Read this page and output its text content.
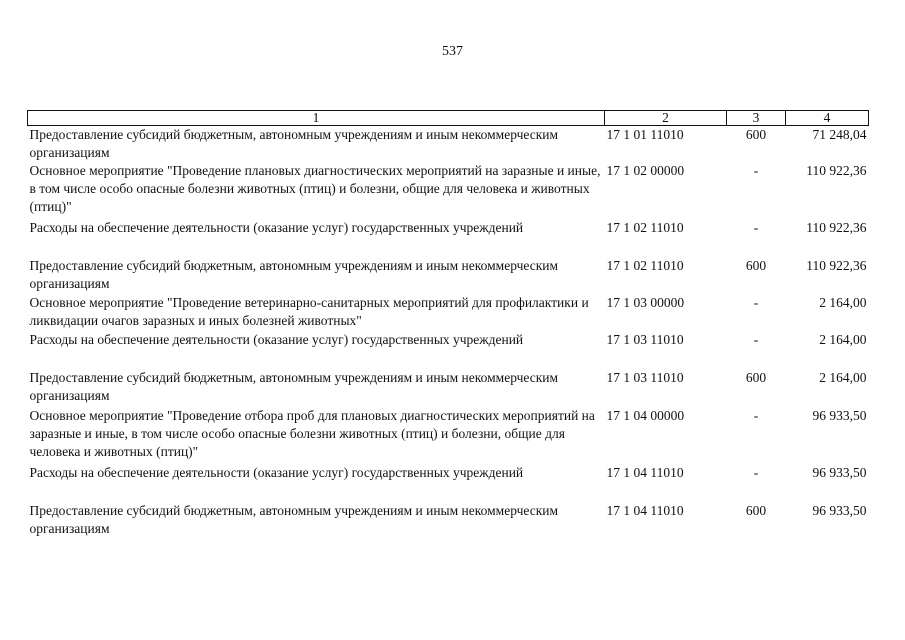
537
1	2	3	4
Предоставление субсидий бюджетным, автономным учреждениям и иным некоммерческим организациям	17 1 01 11010	600	71 248,04
Основное мероприятие "Проведение плановых диагностических мероприятий на заразные и иные, в том числе особо опасные болезни животных (птиц) и болезни, общие для человека и животных (птиц)"	17 1 02 00000	-	110 922,36
Расходы на обеспечение деятельности (оказание услуг) государственных учреждений	17 1 02 11010	-	110 922,36
Предоставление субсидий бюджетным, автономным учреждениям и иным некоммерческим организациям	17 1 02 11010	600	110 922,36
Основное мероприятие "Проведение ветеринарно-санитарных мероприятий для профилактики и ликвидации очагов заразных и иных болезней животных"	17 1 03 00000	-	2 164,00
Расходы на обеспечение деятельности (оказание услуг) государственных учреждений	17 1 03 11010	-	2 164,00
Предоставление субсидий бюджетным, автономным учреждениям и иным некоммерческим организациям	17 1 03 11010	600	2 164,00
Основное мероприятие "Проведение отбора проб для плановых диагностических мероприятий на заразные и иные, в том числе особо опасные болезни животных (птиц) и болезни, общие для человека и животных (птиц)"	17 1 04 00000	-	96 933,50
Расходы на обеспечение деятельности (оказание услуг) государственных учреждений	17 1 04 11010	-	96 933,50
Предоставление субсидий бюджетным, автономным учреждениям и иным некоммерческим организациям	17 1 04 11010	600	96 933,50
